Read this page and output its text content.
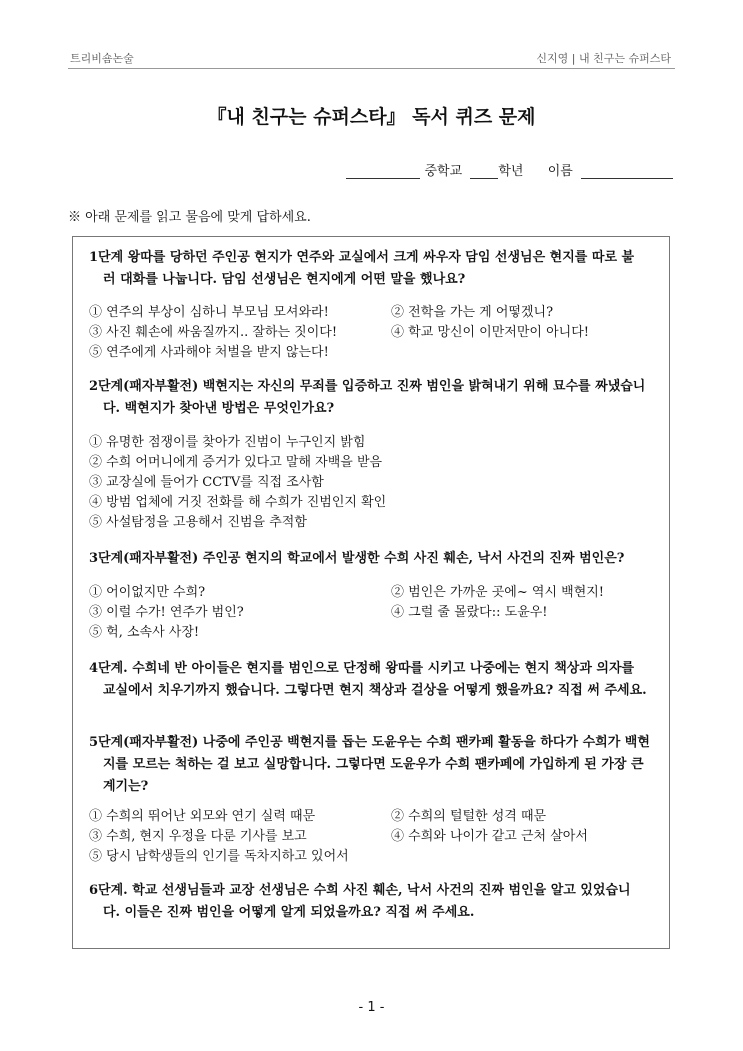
트리비숌논술	신지영 | 내 친구는 슈퍼스타
『내 친구는 슈퍼스타』 독서 퀴즈 문제
중학교	학년 이름
※ 아래 문제를 읽고 물음에 맞게 답하세요.
1단계 왕따를 당하던 주인공 현지가 연주와 교실에서 크게 싸우자 담임 선생님은 현지를 따로 불
러 대화를 나눕니다. 담임 선생님은 현지에게 어떤 말을 했나요?
① 연주의 부상이 심하니 부모님 모셔와라!	② 전학을 가는 게 어떻겠니?
③ 사진 훼손에 싸움질까지.. 잘하는 짓이다!	④ 학교 망신이 이만저만이 아니다!
⑤ 연주에게 사과해야 처벌을 받지 않는다!
2단계(패자부활전) 백현지는 자신의 무죄를 입증하고 진짜 범인을 밝혀내기 위해 묘수를 짜냈습니
다. 백현지가 찾아낸 방법은 무엇인가요?
① 유명한 점쟁이를 찾아가 진범이 누구인지 밝힘
② 수희 어머니에게 증거가 있다고 말해 자백을 받음
③ 교장실에 들어가 CCTV를 직접 조사함
④ 방범 업체에 거짓 전화를 해 수희가 진범인지 확인
⑤ 사설탐정을 고용해서 진범을 추적함
3단계(패자부활전) 주인공 현지의 학교에서 발생한 수희 사진 훼손, 낙서 사건의 진짜 범인은?
① 어이없지만 수희?	② 범인은 가까운 곳에~ 역시 백현지!
③ 이럴 수가! 연주가 범인?	④ 그럴 줄 몰랐다:: 도윤우!
⑤ 헉, 소속사 사장!
4단계. 수희네 반 아이들은 현지를 범인으로 단정해 왕따를 시키고 나중에는 현지 책상과 의자를
교실에서 치우기까지 했습니다. 그렇다면 현지 책상과 걸상을 어떻게 했을까요? 직접 써 주세요.
5단계(패자부활전) 나중에 주인공 백현지를 돕는 도윤우는 수희 팬카페 활동을 하다가 수희가 백현
지를 모르는 척하는 걸 보고 실망합니다. 그렇다면 도윤우가 수희 팬카페에 가입하게 된 가장 큰
계기는?
① 수희의 뛰어난 외모와 연기 실력 때문	② 수희의 털털한 성격 때문
③ 수희, 현지 우정을 다룬 기사를 보고	④ 수희와 나이가 같고 근처 살아서
⑤ 당시 남학생들의 인기를 독차지하고 있어서
6단계. 학교 선생님들과 교장 선생님은 수희 사진 훼손, 낙서 사건의 진짜 범인을 알고 있었습니
다. 이들은 진짜 범인을 어떻게 알게 되었을까요? 직접 써 주세요.
- 1 -
